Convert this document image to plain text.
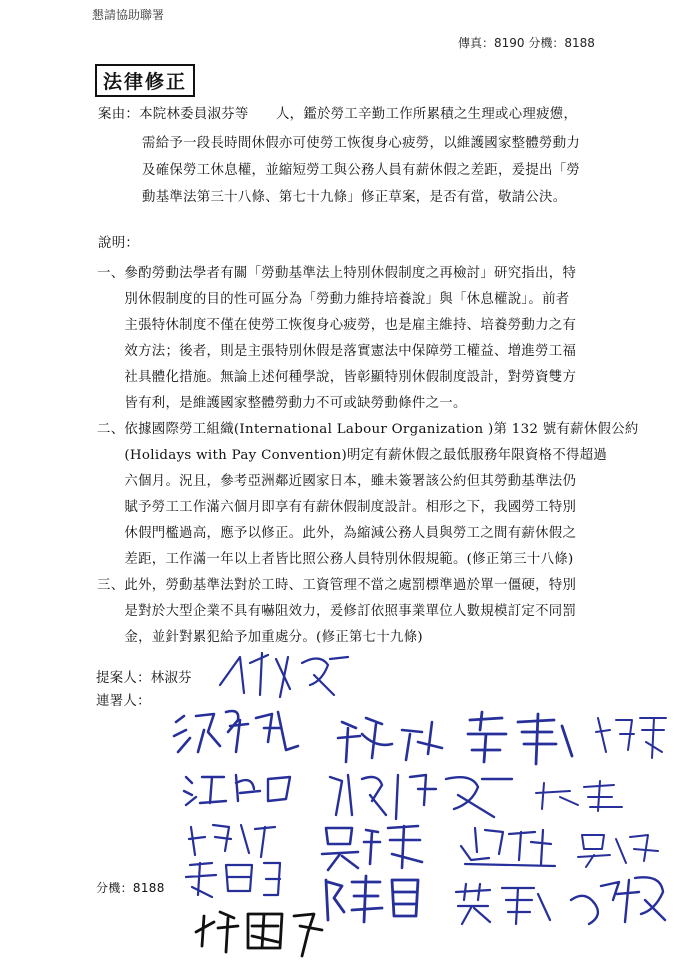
懇請協助聯署
傳真：8190 分機：8188
法律修正
案由：本院林委員淑芬等　　人，鑑於勞工辛勤工作所累積之生理或心理疲憊，
需給予一段長時間休假亦可使勞工恢復身心疲勞，以維護國家整體勞動力
及確保勞工休息權，並縮短勞工與公務人員有薪休假之差距，爰提出「勞
動基準法第三十八條、第七十九條」修正草案，是否有當，敬請公決。
說明：
一、參酌勞動法學者有關「勞動基準法上特別休假制度之再檢討」研究指出，特
　　別休假制度的目的性可區分為「勞動力維持培養說」與「休息權說」。前者
　　主張特休制度不僅在使勞工恢復身心疲勞，也是雇主維持、培養勞動力之有
　　效方法；後者，則是主張特別休假是落實憲法中保障勞工權益、增進勞工福
　　社具體化措施。無論上述何種學說，皆彰顯特別休假制度設計，對勞資雙方
　　皆有利，是維護國家整體勞動力不可或缺勞動條件之一。
二、依據國際勞工組織(International Labour Organization )第 132 號有薪休假公約
　　(Holidays with Pay Convention)明定有薪休假之最低服務年限資格不得超過
　　六個月。況且，參考亞洲鄰近國家日本，雖未簽署該公約但其勞動基準法仍
　　賦予勞工工作滿六個月即享有有薪休假制度設計。相形之下，我國勞工特別
　　休假門檻過高，應予以修正。此外，為縮減公務人員與勞工之間有薪休假之
　　差距，工作滿一年以上者皆比照公務人員特別休假規範。(修正第三十八條)
三、此外，勞動基準法對於工時、工資管理不當之處罰標準過於單一僵硬，特別
　　是對於大型企業不具有嚇阻效力，爰修訂依照事業單位人數規模訂定不同罰
　　金，並針對累犯給予加重處分。(修正第七十九條)
提案人：林淑芬
連署人：
分機：8188
